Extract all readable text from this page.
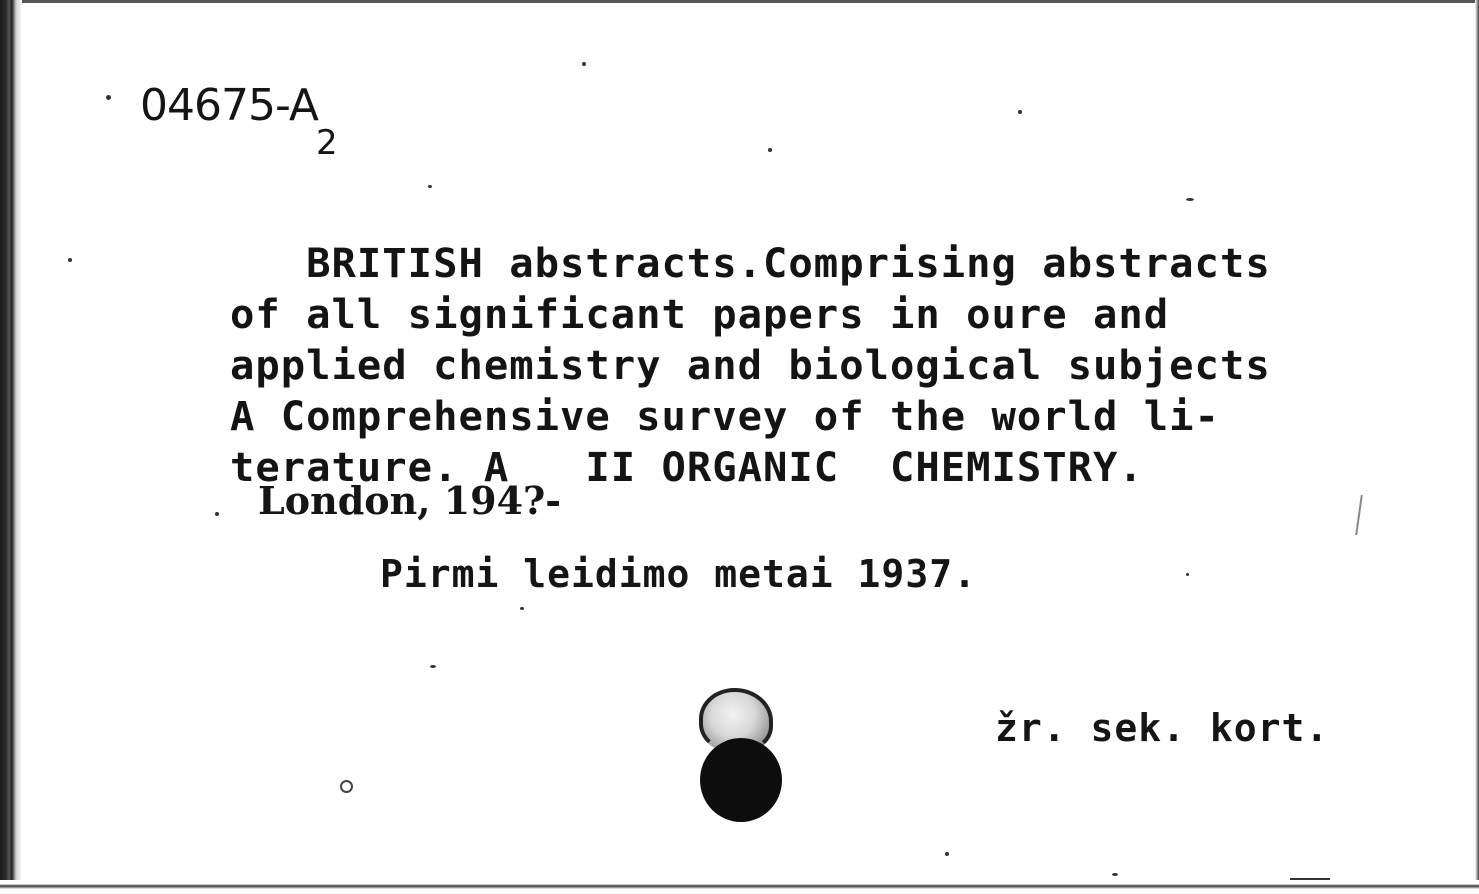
$04675-A_2$
BRITISH abstracts.Comprising abstracts
of all significant papers in oure and
applied chemistry and biological subjects
A Comprehensive survey of the world li-
terature. A   II ORGANIC  CHEMISTRY.
London, 194?-
Pirmi leidimo metai 1937.
žr. sek. kort.
